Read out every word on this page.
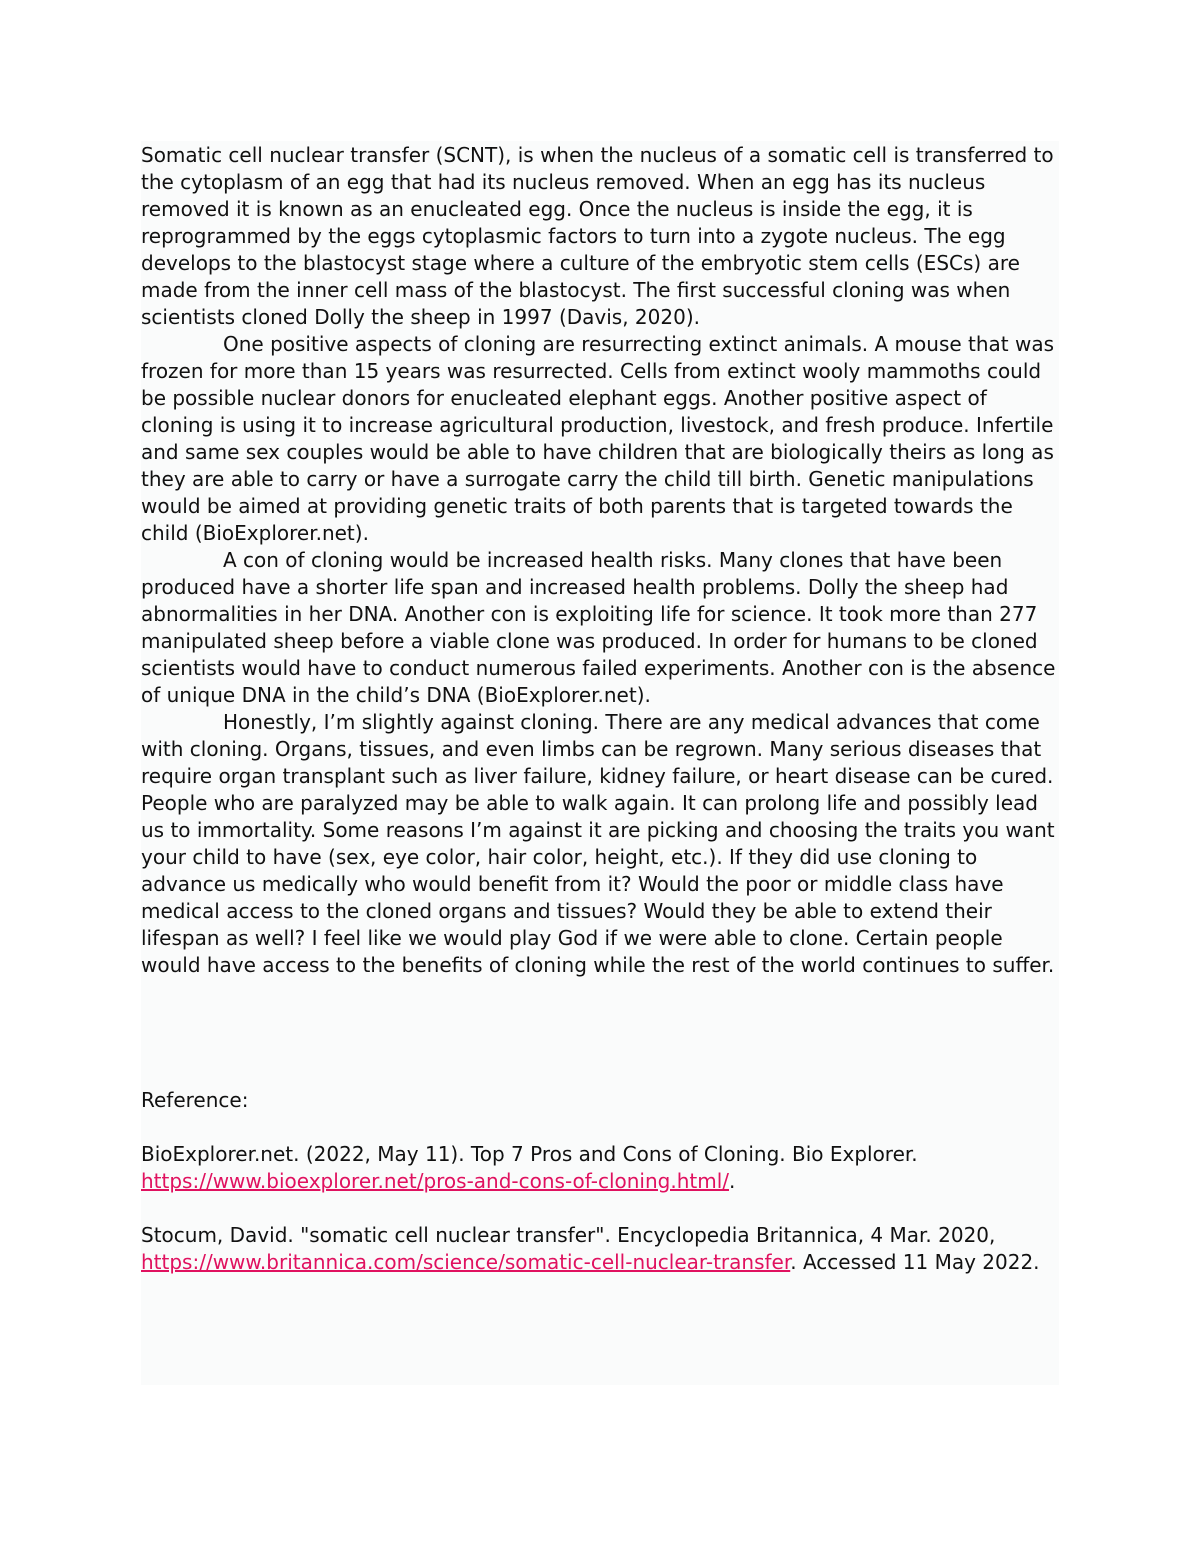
Somatic cell nuclear transfer (SCNT), is when the nucleus of a somatic cell is transferred to the cytoplasm of an egg that had its nucleus removed. When an egg has its nucleus removed it is known as an enucleated egg. Once the nucleus is inside the egg, it is reprogrammed by the eggs cytoplasmic factors to turn into a zygote nucleus. The egg develops to the blastocyst stage where a culture of the embryotic stem cells (ESCs) are made from the inner cell mass of the blastocyst. The first successful cloning was when scientists cloned Dolly the sheep in 1997 (Davis, 2020).

One positive aspects of cloning are resurrecting extinct animals. A mouse that was frozen for more than 15 years was resurrected. Cells from extinct wooly mammoths could be possible nuclear donors for enucleated elephant eggs. Another positive aspect of cloning is using it to increase agricultural production, livestock, and fresh produce. Infertile and same sex couples would be able to have children that are biologically theirs as long as they are able to carry or have a surrogate carry the child till birth. Genetic manipulations would be aimed at providing genetic traits of both parents that is targeted towards the child (BioExplorer.net).

A con of cloning would be increased health risks. Many clones that have been produced have a shorter life span and increased health problems. Dolly the sheep had abnormalities in her DNA. Another con is exploiting life for science. It took more than 277 manipulated sheep before a viable clone was produced. In order for humans to be cloned scientists would have to conduct numerous failed experiments. Another con is the absence of unique DNA in the child’s DNA (BioExplorer.net).

Honestly, I’m slightly against cloning. There are any medical advances that come with cloning. Organs, tissues, and even limbs can be regrown. Many serious diseases that require organ transplant such as liver failure, kidney failure, or heart disease can be cured. People who are paralyzed may be able to walk again. It can prolong life and possibly lead us to immortality. Some reasons I’m against it are picking and choosing the traits you want your child to have (sex, eye color, hair color, height, etc.). If they did use cloning to advance us medically who would benefit from it? Would the poor or middle class have medical access to the cloned organs and tissues? Would they be able to extend their lifespan as well? I feel like we would play God if we were able to clone. Certain people would have access to the benefits of cloning while the rest of the world continues to suffer.

Reference:

BioExplorer.net. (2022, May 11). Top 7 Pros and Cons of Cloning. Bio Explorer. https://www.bioexplorer.net/pros-and-cons-of-cloning.html/.

Stocum, David. "somatic cell nuclear transfer". Encyclopedia Britannica, 4 Mar. 2020, https://www.britannica.com/science/somatic-cell-nuclear-transfer. Accessed 11 May 2022.
